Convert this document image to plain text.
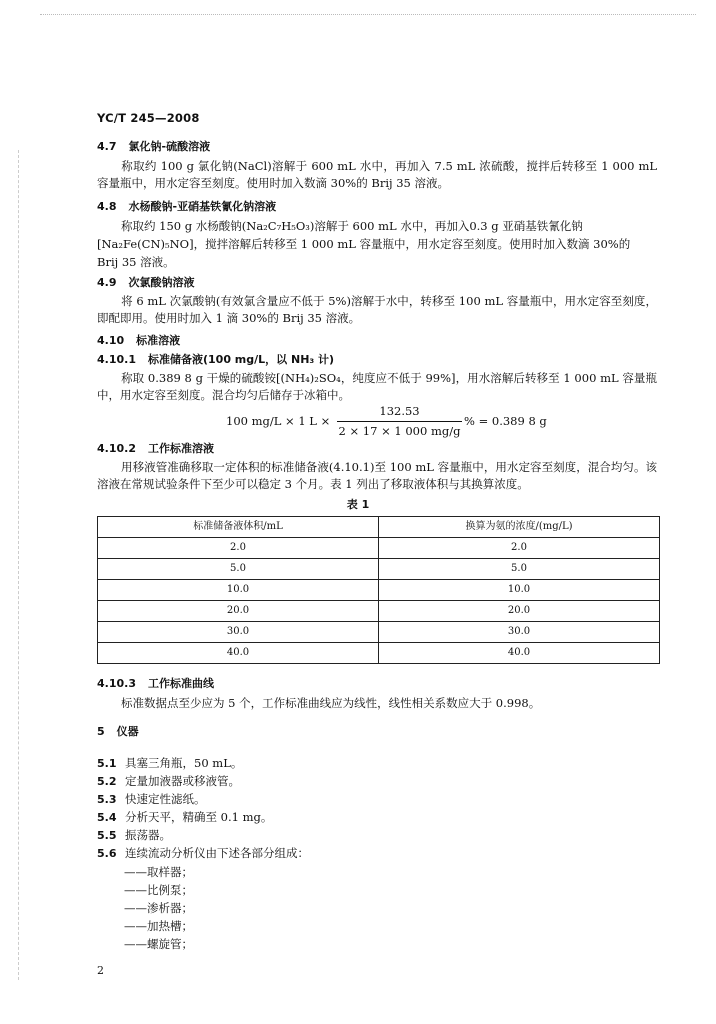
YC/T 245—2008
4.7 氯化钠-硫酸溶液
称取约 100 g 氯化钠(NaCl)溶解于 600 mL 水中，再加入 7.5 mL 浓硫酸，搅拌后转移至 1 000 mL 容量瓶中，用水定容至刻度。使用时加入数滴 30%的 Brij 35 溶液。
4.8 水杨酸钠-亚硝基铁氰化钠溶液
称取约 150 g 水杨酸钠(Na₂C₇H₅O₃)溶解于 600 mL 水中，再加入0.3 g 亚硝基铁氰化钠
[Na₂Fe(CN)₅NO]，搅拌溶解后转移至 1 000 mL 容量瓶中，用水定容至刻度。使用时加入数滴 30%的
Brij 35 溶液。
4.9 次氯酸钠溶液
将 6 mL 次氯酸钠(有效氯含量应不低于 5%)溶解于水中，转移至 100 mL 容量瓶中，用水定容至刻度，即配即用。使用时加入 1 滴 30%的 Brij 35 溶液。
4.10 标准溶液
4.10.1 标准储备液(100 mg/L，以 NH₃ 计)
称取 0.389 8 g 干燥的硫酸铵[(NH₄)₂SO₄，纯度应不低于 99%]，用水溶解后转移至 1 000 mL 容量瓶中，用水定容至刻度。混合均匀后储存于冰箱中。
100 mg/L × 1 $L \times \frac{132.53}{2 \times 17 \times 1 000 mg/g}$ % = 0.389 8 g
4.10.2 工作标准溶液
用移液管准确移取一定体积的标准储备液(4.10.1)至 100 mL 容量瓶中，用水定容至刻度，混合均匀。该溶液在常规试验条件下至少可以稳定 3 个月。表 1 列出了移取液体积与其换算浓度。
表 1
标准储备液体积/mL	换算为氨的浓度/(mg/L)
2.0	2.0
5.0	5.0
10.0	10.0
20.0	20.0
30.0	30.0
40.0	40.0
4.10.3 工作标准曲线
标准数据点至少应为 5 个，工作标准曲线应为线性，线性相关系数应大于 0.998。
5 仪器
5.1 具塞三角瓶，50 mL。
5.2 定量加液器或移液管。
5.3 快速定性滤纸。
5.4 分析天平，精确至 0.1 mg。
5.5 振荡器。
5.6 连续流动分析仪由下述各部分组成：
——取样器；
——比例泵；
——渗析器；
——加热槽；
——螺旋管；
2
